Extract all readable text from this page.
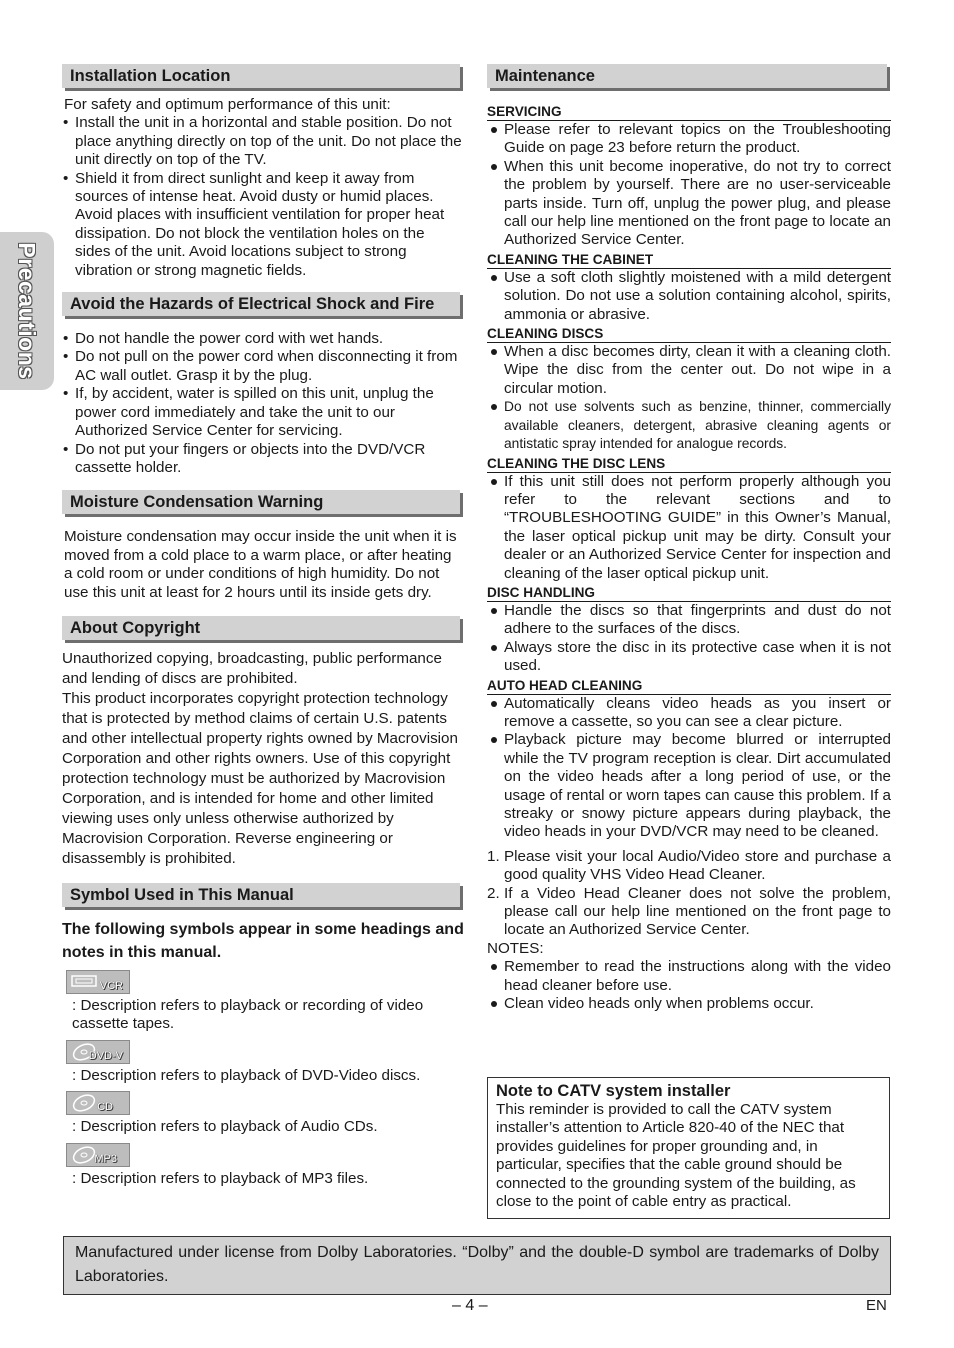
Precautions
Installation Location

For safety and optimum performance of this unit:

• Install the unit in a horizontal and stable position. Do not place anything directly on top of the unit. Do not place the unit directly on top of the TV.
• Shield it from direct sunlight and keep it away from sources of intense heat. Avoid dusty or humid places. Avoid places with insufficient ventilation for proper heat dissipation. Do not block the ventilation holes on the sides of the unit. Avoid locations subject to strong vibration or strong magnetic fields.
Avoid the Hazards of Electrical Shock and Fire
• Do not handle the power cord with wet hands.
• Do not pull on the power cord when disconnecting it from AC wall outlet. Grasp it by the plug.
• If, by accident, water is spilled on this unit, unplug the power cord immediately and take the unit to our Authorized Service Center for servicing.
• Do not put your fingers or objects into the DVD/VCR cassette holder.
Moisture Condensation Warning

Moisture condensation may occur inside the unit when it is moved from a cold place to a warm place, or after heating a cold room or under conditions of high humidity. Do not use this unit at least for 2 hours until its inside gets dry.

About Copyright

Unauthorized copying, broadcasting, public performance and lending of discs are prohibited.

This product incorporates copyright protection technology that is protected by method claims of certain U.S. patents and other intellectual property rights owned by Macrovision Corporation and other rights owners. Use of this copyright protection technology must be authorized by Macrovision Corporation, and is intended for home and other limited viewing uses only unless otherwise authorized by Macrovision Corporation. Reverse engineering or disassembly is prohibited.

Symbol Used in This Manual

The following symbols appear in some headings and notes in this manual.

VCR

: Description refers to playback or recording of video cassette tapes.

DVD-V

: Description refers to playback of DVD-Video discs.

CD

: Description refers to playback of Audio CDs.

MP3

: Description refers to playback of MP3 files.

Maintenance
SERVICING
Please refer to relevant topics on the Troubleshooting Guide on page 23 before return the product.
When this unit become inoperative, do not try to correct the problem by yourself. There are no user-serviceable parts inside. Turn off, unplug the power plug, and please call our help line mentioned on the front page to locate an Authorized Service Center.
CLEANING THE CABINET
Use a soft cloth slightly moistened with a mild detergent solution. Do not use a solution containing alcohol, spirits, ammonia or abrasive.
CLEANING DISCS
When a disc becomes dirty, clean it with a cleaning cloth. Wipe the disc from the center out. Do not wipe in a circular motion.
Do not use solvents such as benzine, thinner, commercially available cleaners, detergent, abrasive cleaning agents or antistatic spray intended for analogue records.
CLEANING THE DISC LENS
If this unit still does not perform properly although you refer to the relevant sections and to “TROUBLESHOOTING GUIDE” in this Owner’s Manual, the laser optical pickup unit may be dirty. Consult your dealer or an Authorized Service Center for inspection and cleaning of the laser optical pickup unit.
DISC HANDLING
Handle the discs so that fingerprints and dust do not adhere to the surfaces of the discs.
Always store the disc in its protective case when it is not used.
AUTO HEAD CLEANING
Automatically cleans video heads as you insert or remove a cassette, so you can see a clear picture.
Playback picture may become blurred or interrupted while the TV program reception is clear. Dirt accumulated on the video heads after a long period of use, or the usage of rental or worn tapes can cause this problem. If a streaky or snowy picture appears during playback, the video heads in your DVD/VCR may need to be cleaned.
1. Please visit your local Audio/Video store and purchase a good quality VHS Video Head Cleaner.
2. If a Video Head Cleaner does not solve the problem, please call our help line mentioned on the front page to locate an Authorized Service Center.

NOTES:

Remember to read the instructions along with the video head cleaner before use.
Clean video heads only when problems occur.
Note to CATV system installer

This reminder is provided to call the CATV system installer’s attention to Article 820-40 of the NEC that provides guidelines for proper grounding and, in particular, specifies that the cable ground should be connected to the grounding system of the building, as close to the point of cable entry as practical.

Manufactured under license from Dolby Laboratories. “Dolby” and the double-D symbol are trademarks of Dolby Laboratories.
– 4 –	EN
